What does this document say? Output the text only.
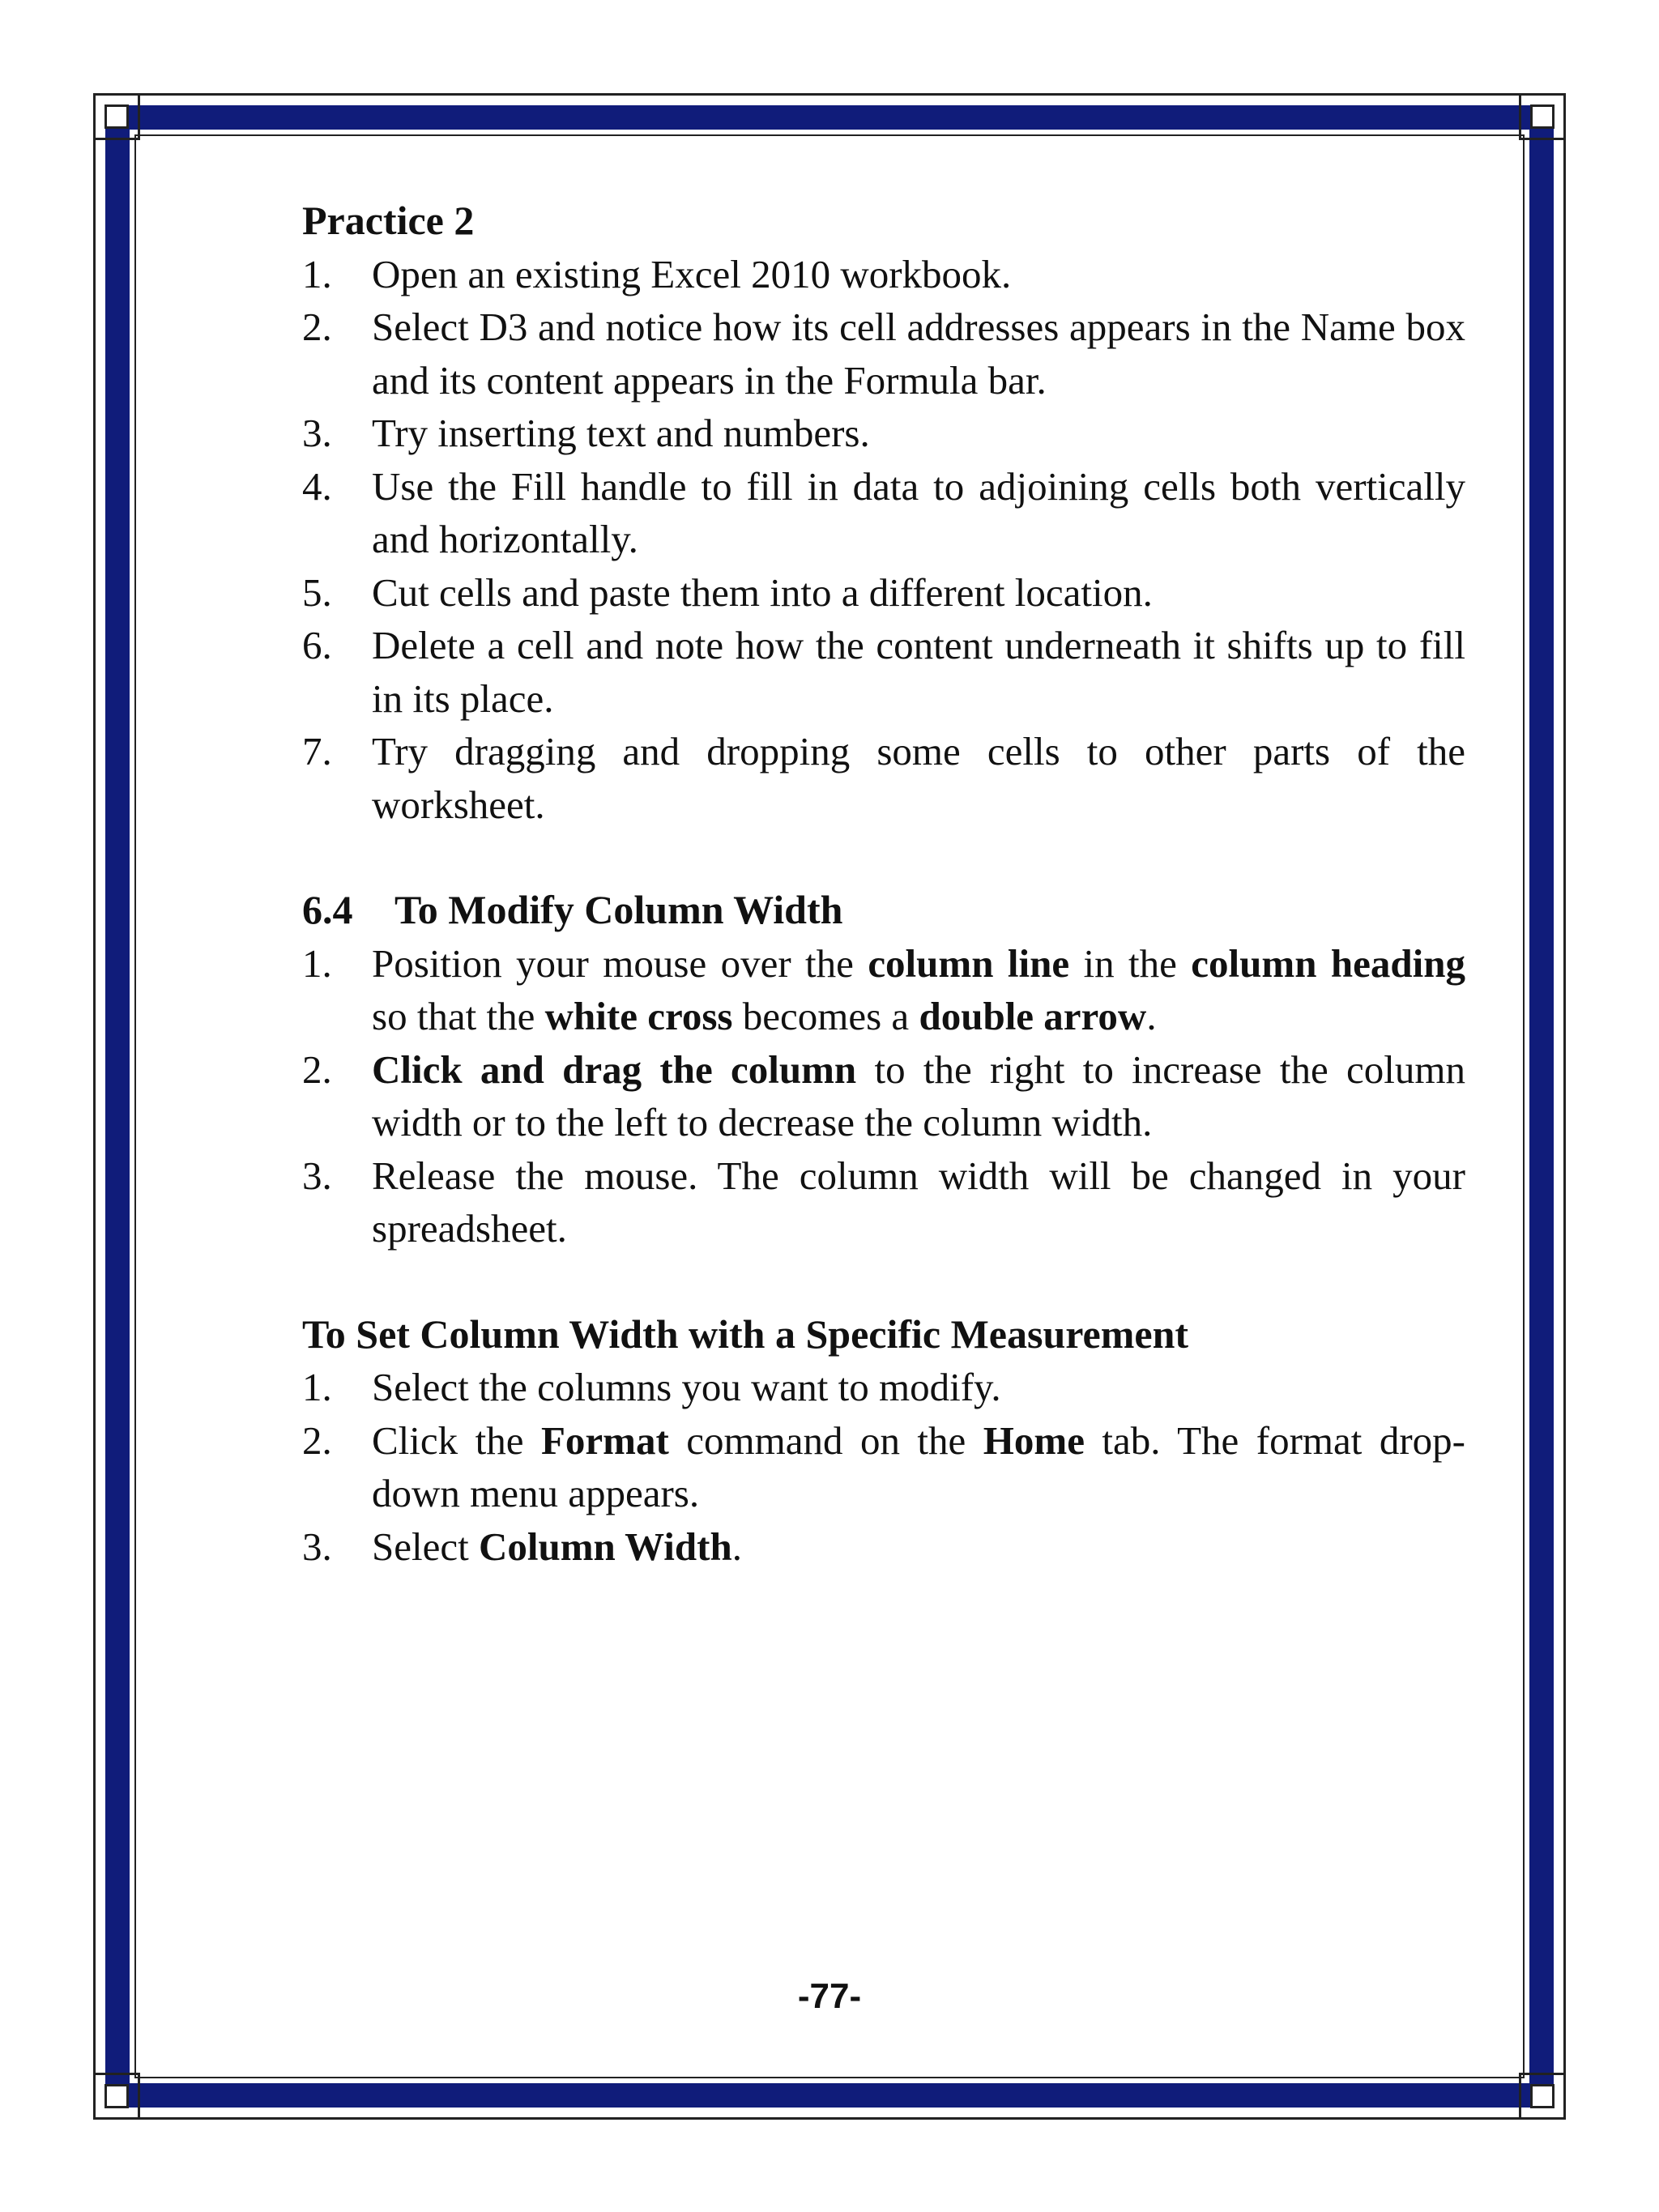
Practice 2

1.	Open an existing Excel 2010 workbook.
2.	Select D3 and notice how its cell addresses appears in the Name box and its content appears in the Formula bar.
3.	Try inserting text and numbers.
4.	Use the Fill handle to fill in data to adjoining cells both vertically and horizontally.
5.	Cut cells and paste them into a different location.
6.	Delete a cell and note how the content underneath it shifts up to fill in its place.
7.	Try dragging and dropping some cells to other parts of the worksheet.

6.4 To Modify Column Width

1.	Position your mouse over the column line in the column heading so that the white cross becomes a double arrow.
2.	Click and drag the column to the right to increase the column width or to the left to decrease the column width.
3.	Release the mouse. The column width will be changed in your spreadsheet.

To Set Column Width with a Specific Measurement

1.	Select the columns you want to modify.
2.	Click the Format command on the Home tab. The format drop-down menu appears.
3.	Select Column Width.
-77-
